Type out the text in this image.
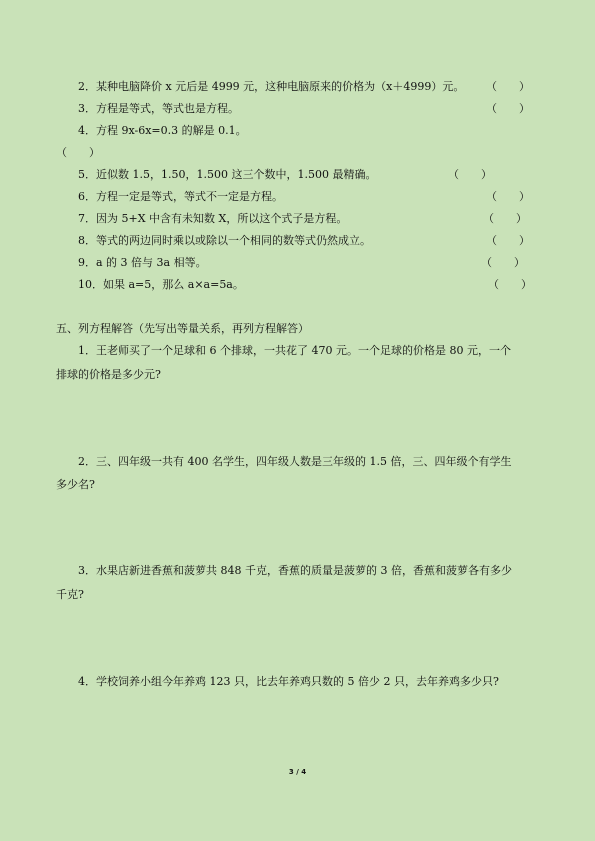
2．某种电脑降价 x 元后是 4999 元，这种电脑原来的价格为（x＋4999）元。 （　　）
3．方程是等式，等式也是方程。	（　　）
4．方程 9x-6x=0.3 的解是 0.1。
（　　）
5．近似数 1.5，1.50，1.500 这三个数中，1.500 最精确。	（　　）
6．方程一定是等式，等式不一定是方程。	（　　）
7．因为 5+X 中含有未知数 X，所以这个式子是方程。	（　　）
8．等式的两边同时乘以或除以一个相同的数等式仍然成立。	（　　）
9．a 的 3 倍与 3a 相等。	（　　）
10．如果 a=5，那么 a×a=5a。	（　　）
五、列方程解答（先写出等量关系，再列方程解答）
1．王老师买了一个足球和 6 个排球，一共花了 470 元。一个足球的价格是 80 元，一个
排球的价格是多少元?
2．三、四年级一共有 400 名学生，四年级人数是三年级的 1.5 倍，三、四年级个有学生
多少名?
3．水果店新进香蕉和菠萝共 848 千克，香蕉的质量是菠萝的 3 倍，香蕉和菠萝各有多少
千克?
4．学校饲养小组今年养鸡 123 只，比去年养鸡只数的 5 倍少 2 只，去年养鸡多少只?
3 / 4
